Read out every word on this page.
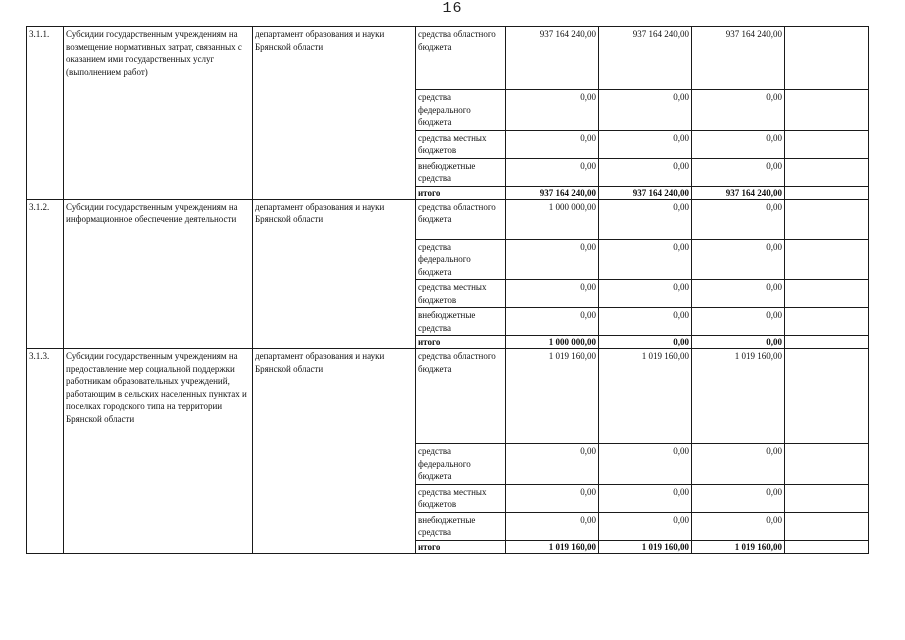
16
3.1.1.	Субсидии государственным учреждениям на возмещение нормативных затрат, связанных с оказанием ими государственных услуг (выполнением работ)	департамент образования и науки Брянской области	средства областного бюджета	937 164 240,00	937 164 240,00	937 164 240,00	
			средства федерального бюджета	0,00	0,00	0,00	
			средства местных бюджетов	0,00	0,00	0,00	
			внебюджетные средства	0,00	0,00	0,00	
			итого	937 164 240,00	937 164 240,00	937 164 240,00	
3.1.2.	Субсидии государственным учреждениям на информационное обеспечение деятельности	департамент образования и науки Брянской области	средства областного бюджета	1 000 000,00	0,00	0,00	
			средства федерального бюджета	0,00	0,00	0,00	
			средства местных бюджетов	0,00	0,00	0,00	
			внебюджетные средства	0,00	0,00	0,00	
			итого	1 000 000,00	0,00	0,00	
3.1.3.	Субсидии государственным учреждениям на предоставление мер социальной поддержки работникам образовательных учреждений, работающим в сельских населенных пунктах и поселках городского типа на территории Брянской области	департамент образования и науки Брянской области	средства областного бюджета	1 019 160,00	1 019 160,00	1 019 160,00	
			средства федерального бюджета	0,00	0,00	0,00	
			средства местных бюджетов	0,00	0,00	0,00	
			внебюджетные средства	0,00	0,00	0,00	
			итого	1 019 160,00	1 019 160,00	1 019 160,00	
